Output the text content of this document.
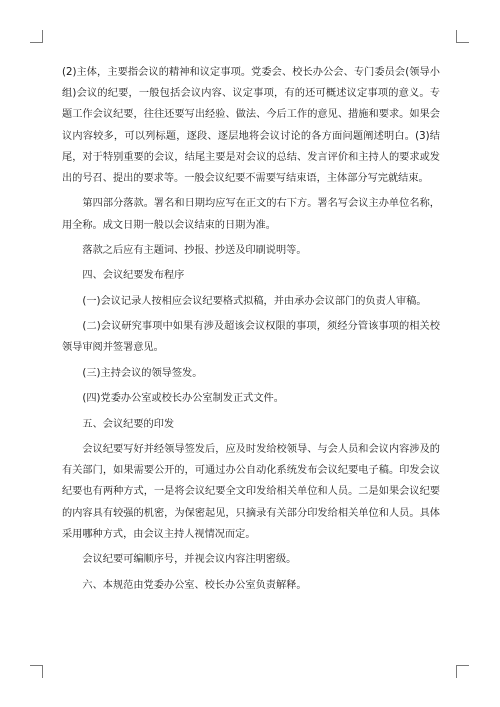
(2)主体，主要指会议的精神和议定事项。党委会、校长办公会、专门委员会(领导小组)会议的纪要，一般包括会议内容、议定事项，有的还可概述议定事项的意义。专题工作会议纪要，往往还要写出经验、做法、今后工作的意见、措施和要求。如果会议内容较多，可以列标题，逐段、逐层地将会议讨论的各方面问题阐述明白。(3)结尾，对于特别重要的会议，结尾主要是对会议的总结、发言评价和主持人的要求或发出的号召、提出的要求等。一般会议纪要不需要写结束语，主体部分写完就结束。

第四部分落款。署名和日期均应写在正文的右下方。署名写会议主办单位名称，用全称。成文日期一般以会议结束的日期为准。

落款之后应有主题词、抄报、抄送及印刷说明等。

四、会议纪要发布程序

(一)会议记录人按相应会议纪要格式拟稿，并由承办会议部门的负责人审稿。

(二)会议研究事项中如果有涉及超该会议权限的事项，须经分管该事项的相关校领导审阅并签署意见。

(三)主持会议的领导签发。

(四)党委办公室或校长办公室制发正式文件。

五、会议纪要的印发

会议纪要写好并经领导签发后，应及时发给校领导、与会人员和会议内容涉及的有关部门，如果需要公开的，可通过办公自动化系统发布会议纪要电子稿。印发会议纪要也有两种方式，一是将会议纪要全文印发给相关单位和人员。二是如果会议纪要的内容具有较强的机密，为保密起见，只摘录有关部分印发给相关单位和人员。具体采用哪种方式，由会议主持人视情况而定。

会议纪要可编顺序号，并视会议内容注明密级。

六、本规范由党委办公室、校长办公室负责解释。
